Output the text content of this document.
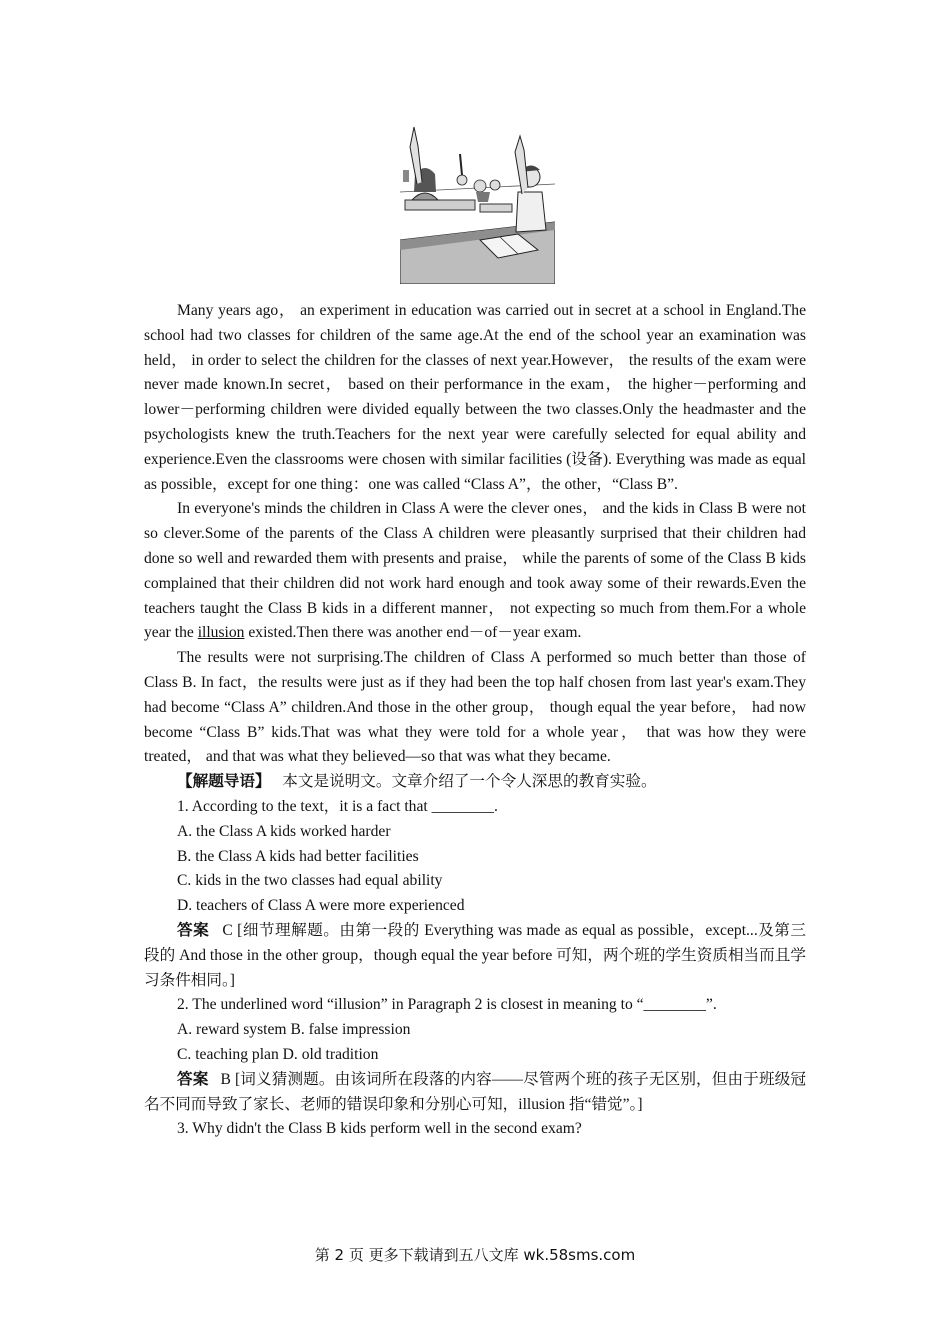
Many years ago， an experiment in education was carried out in secret at a school in England.The school had two classes for children of the same age.At the end of the school year an examination was held， in order to select the children for the classes of next year.However， the results of the exam were never made known.In secret， based on their performance in the exam， the higher－performing and lower－performing children were divided equally between the two classes.Only the headmaster and the psychologists knew the truth.Teachers for the next year were carefully selected for equal ability and experience.Even the classrooms were chosen with similar facilities (设备). Everything was made as equal as possible，except for one thing：one was called “Class A”，the other，“Class B”.

In everyone's minds the children in Class A were the clever ones， and the kids in Class B were not so clever.Some of the parents of the Class A children were pleasantly surprised that their children had done so well and rewarded them with presents and praise， while the parents of some of the Class B kids complained that their children did not work hard enough and took away some of their rewards.Even the teachers taught the Class B kids in a different manner， not expecting so much from them.For a whole year the illusion existed.Then there was another end－of－year exam.

The results were not surprising.The children of Class A performed so much better than those of Class B. In fact，the results were just as if they had been the top half chosen from last year's exam.They had become “Class A” children.And those in the other group， though equal the year before， had now become “Class B” kids.That was what they were told for a whole year， that was how they were treated， and that was what they believed—so that was what they became.

【解题导语】 本文是说明文。文章介绍了一个令人深思的教育实验。

1. According to the text，it is a fact that ________.

A. the Class A kids worked harder

B. the Class A kids had better facilities

C. kids in the two classes had equal ability

D. teachers of Class A were more experienced

答案 C [细节理解题。由第一段的 Everything was made as equal as possible，except...及第三段的 And those in the other group，though equal the year before 可知，两个班的学生资质相当而且学习条件相同。]

2. The underlined word “illusion” in Paragraph 2 is closest in meaning to “________”.

A. reward system B. false impression

C. teaching plan D. old tradition

答案 B [词义猜测题。由该词所在段落的内容——尽管两个班的孩子无区别，但由于班级冠名不同而导致了家长、老师的错误印象和分别心可知，illusion 指“错觉”。]

3. Why didn't the Class B kids perform well in the second exam?

第 2 页 更多下载请到五八文库 wk.58sms.com
